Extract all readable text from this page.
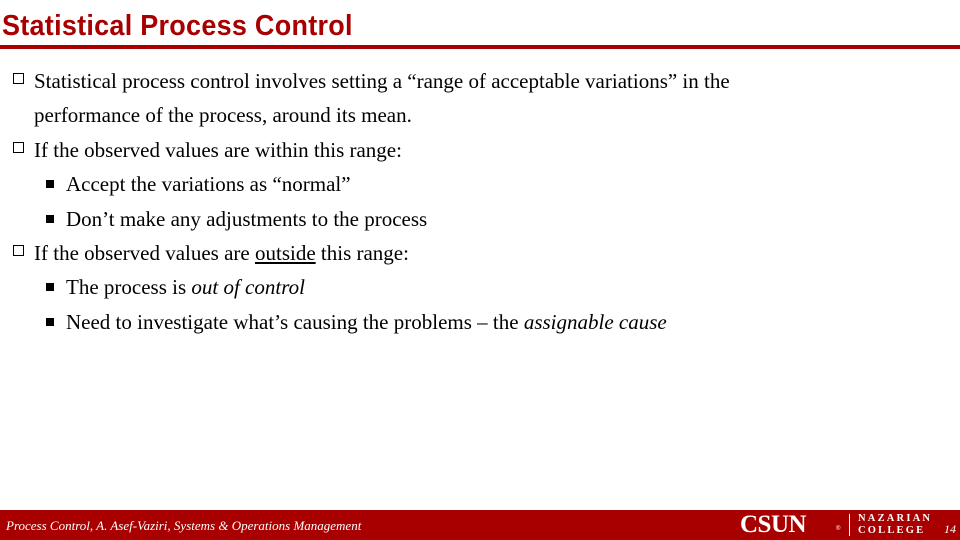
Statistical Process Control
Statistical process control involves setting a “range of acceptable variations” in the
performance of the process, around its mean.
If the observed values are within this range:
Accept the variations as “normal”
Don’t make any adjustments to the process
If the observed values are outside this range:
The process is out of control
Need to investigate what’s causing the problems – the assignable cause
Process Control, A. Asef-Vaziri, Systems & Operations Management	CSUN	®
NAZARIAN
COLLEGE 14
